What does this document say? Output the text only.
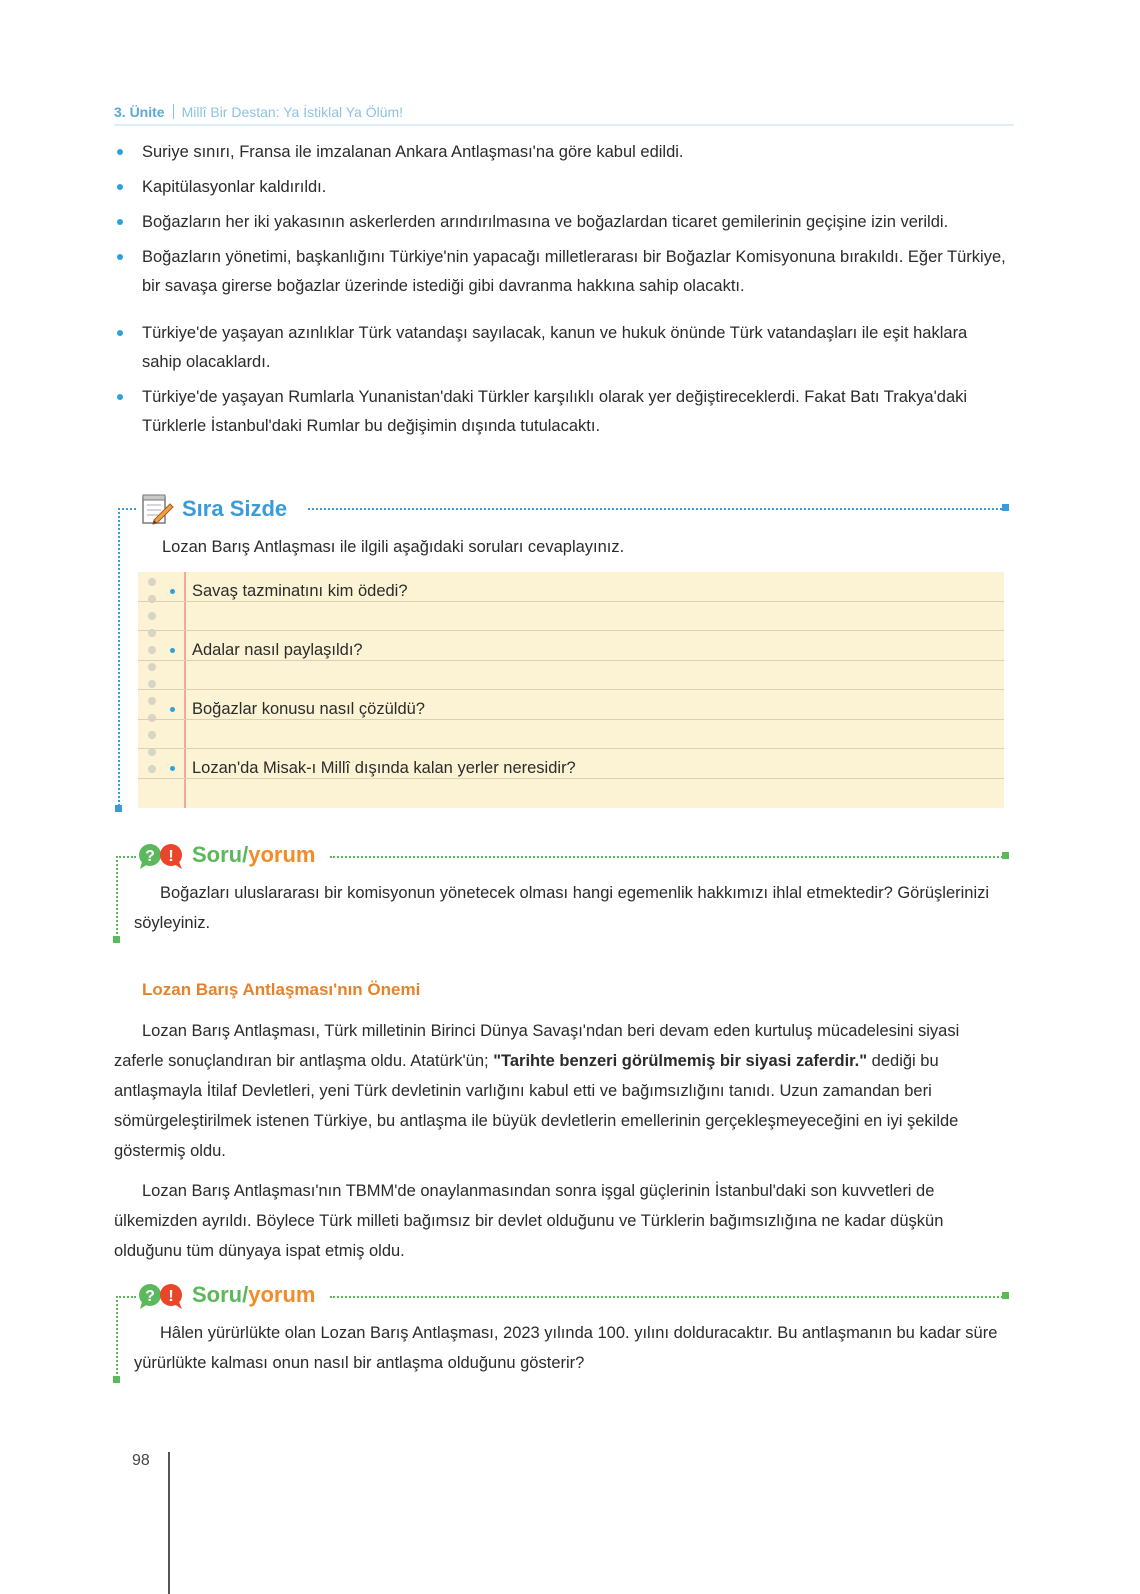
3. Ünite Millî Bir Destan: Ya İstiklal Ya Ölüm!
Suriye sınırı, Fransa ile imzalanan Ankara Antlaşması'na göre kabul edildi.
Kapitülasyonlar kaldırıldı.
Boğazların her iki yakasının askerlerden arındırılmasına ve boğazlardan ticaret gemilerinin geçişine izin verildi.
Boğazların yönetimi, başkanlığını Türkiye'nin yapacağı milletlerarası bir Boğazlar Komisyonuna bırakıldı. Eğer Türkiye, bir savaşa girerse boğazlar üzerinde istediği gibi davranma hakkına sahip olacaktı.
Türkiye'de yaşayan azınlıklar Türk vatandaşı sayılacak, kanun ve hukuk önünde Türk vatandaşları ile eşit haklara sahip olacaklardı.
Türkiye'de yaşayan Rumlarla Yunanistan'daki Türkler karşılıklı olarak yer değiştireceklerdi. Fakat Batı Trakya'daki Türklerle İstanbul'daki Rumlar bu değişimin dışında tutulacaktı.
Sıra Sizde
Lozan Barış Antlaşması ile ilgili aşağıdaki soruları cevaplayınız.
Savaş tazminatını kim ödedi?
Adalar nasıl paylaşıldı?
Boğazlar konusu nasıl çözüldü?
Lozan'da Misak-ı Millî dışında kalan yerler neresidir?
? ! Soru/yorum
Boğazları uluslararası bir komisyonun yönetecek olması hangi egemenlik hakkımızı ihlal etmektedir? Görüşlerinizi söyleyiniz.
Lozan Barış Antlaşması'nın Önemi

Lozan Barış Antlaşması, Türk milletinin Birinci Dünya Savaşı'ndan beri devam eden kurtuluş mücadelesini siyasi zaferle sonuçlandıran bir antlaşma oldu. Atatürk'ün; "Tarihte benzeri görülmemiş bir siyasi zaferdir." dediği bu antlaşmayla İtilaf Devletleri, yeni Türk devletinin varlığını kabul etti ve bağımsızlığını tanıdı. Uzun zamandan beri sömürgeleştirilmek istenen Türkiye, bu antlaşma ile büyük devletlerin emellerinin gerçekleşmeyeceğini en iyi şekilde göstermiş oldu.

Lozan Barış Antlaşması'nın TBMM'de onaylanmasından sonra işgal güçlerinin İstanbul'daki son kuvvetleri de ülkemizden ayrıldı. Böylece Türk milleti bağımsız bir devlet olduğunu ve Türklerin bağımsızlığına ne kadar düşkün olduğunu tüm dünyaya ispat etmiş oldu.

? ! Soru/yorum
Hâlen yürürlükte olan Lozan Barış Antlaşması, 2023 yılında 100. yılını dolduracaktır. Bu antlaşmanın bu kadar süre yürürlükte kalması onun nasıl bir antlaşma olduğunu gösterir?
98
